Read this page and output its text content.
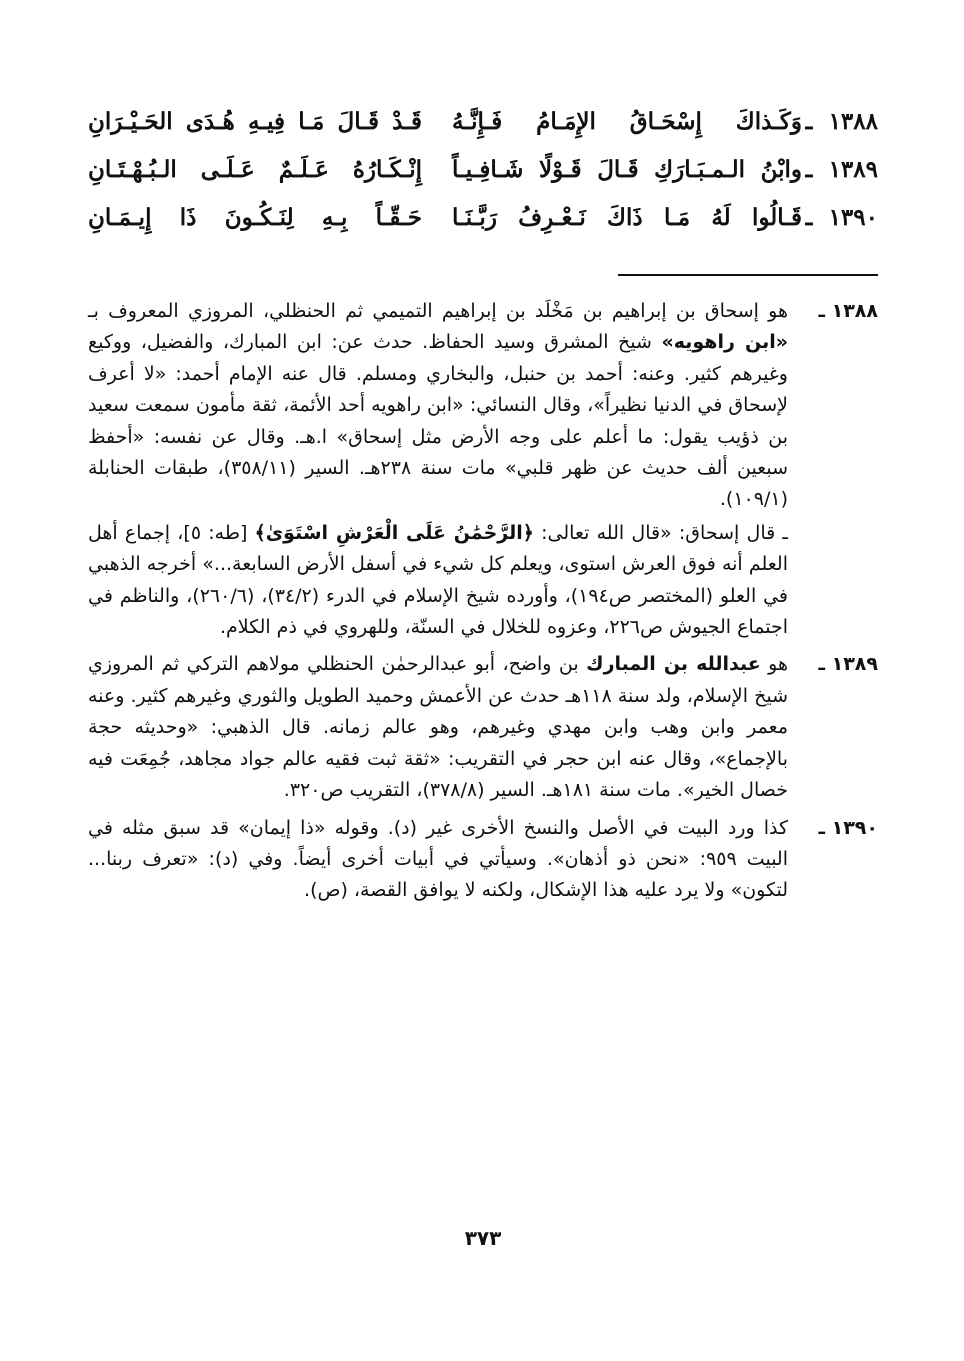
١٣٨٨
ـ
وَكَـذاكَ إِسْحَـاقُ الإِمَـامُ فَـإِنَّـهُ
قَـدْ قَـالَ مَـا فِيـهِ هُـدَى الحَـيْـرَانِ
١٣٨٩
ـ
وابْنُ الـمـبَـارَكِ قَـالَ قَـوْلًا شَـافِـيـاً
إِنْـكَـارُهُ عَـلَـمٌ عَـلَـى الـبُـهْـتَـانِ
١٣٩٠
ـ
قَـالُوا لَهُ مَـا ذَاكَ نَـعْـرِفُ رَبَّـنَـا
حَـقّـاً بِـهِ لِنَـكُـونَ ذَا إِيـمَـانِ
١٣٨٨ ـ

هو إسحاق بن إبراهيم بن مَخْلَد بن إبراهيم التميمي ثم الحنظلي، المروزي المعروف بـ «ابن راهويه» شيخ المشرق وسيد الحفاظ. حدث عن: ابن المبارك، والفضيل، ووكيع وغيرهم كثير. وعنه: أحمد بن حنبل، والبخاري ومسلم. قال عنه الإمام أحمد: «لا أعرف لإسحاق في الدنيا نظيراً»، وقال النسائي: «ابن راهويه أحد الأئمة، ثقة مأمون سمعت سعيد بن ذؤيب يقول: ما أعلم على وجه الأرض مثل إسحاق» ا.هـ. وقال عن نفسه: «أحفظ سبعين ألف حديث عن ظهر قلبي» مات سنة ٢٣٨هـ. السير (٣٥٨/١١)، طبقات الحنابلة (١٠٩/١).

ـ قال إسحاق: «قال الله تعالى: ﴿الرَّحْمَٰنُ عَلَى الْعَرْشِ اسْتَوَىٰ﴾ [طه: ٥]، إجماع أهل العلم أنه فوق العرش استوى، ويعلم كل شيء في أسفل الأرض السابعة...» أخرجه الذهبي في العلو (المختصر ص١٩٤)، وأورده شيخ الإسلام في الدرء (٣٤/٢)، (٢٦٠/٦)، والناظم في اجتماع الجيوش ص٢٢٦، وعزوه للخلال في السنّة، وللهروي في ذم الكلام.

١٣٨٩ ـ

هو عبدالله بن المبارك بن واضح، أبو عبدالرحمٰن الحنظلي مولاهم التركي ثم المروزي شيخ الإسلام، ولد سنة ١١٨هـ حدث عن الأعمش وحميد الطويل والثوري وغيرهم كثير. وعنه معمر وابن وهب وابن مهدي وغيرهم، وهو عالم زمانه. قال الذهبي: «وحديثه حجة بالإجماع»، وقال عنه ابن حجر في التقريب: «ثقة ثبت فقيه عالم جواد مجاهد، جُمِعَت فيه خصال الخير». مات سنة ١٨١هـ. السير (٣٧٨/٨)، التقريب ص٣٢٠.

١٣٩٠ ـ

كذا ورد البيت في الأصل والنسخ الأخرى غير (د). وقوله «ذا إيمان» قد سبق مثله في البيت ٩٥٩: «نحن ذو أذهان». وسيأتي في أبيات أخرى أيضاً. وفي (د): «تعرف ربنا... لتكون» ولا يرد عليه هذا الإشكال، ولكنه لا يوافق القصة، (ص).

٣٧٣
